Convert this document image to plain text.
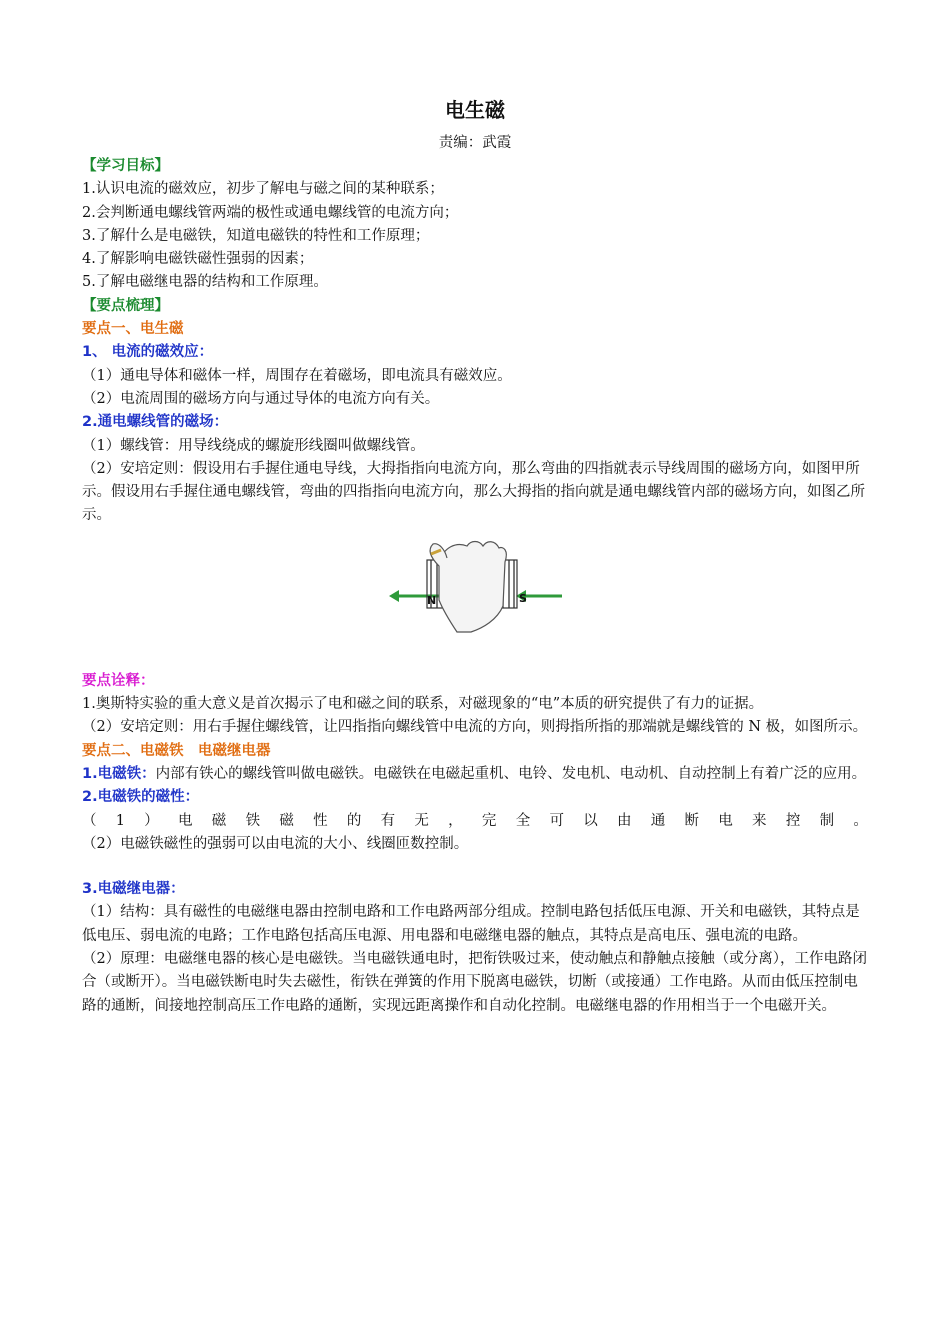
电生磁
责编：武霞
【学习目标】
1.认识电流的磁效应，初步了解电与磁之间的某种联系；
2.会判断通电螺线管两端的极性或通电螺线管的电流方向；
3.了解什么是电磁铁，知道电磁铁的特性和工作原理；
4.了解影响电磁铁磁性强弱的因素；
5.了解电磁继电器的结构和工作原理。
【要点梳理】
要点一、电生磁
1、 电流的磁效应：
（1）通电导体和磁体一样，周围存在着磁场，即电流具有磁效应。
（2）电流周围的磁场方向与通过导体的电流方向有关。
2.通电螺线管的磁场：
（1）螺线管：用导线绕成的螺旋形线圈叫做螺线管。
（2）安培定则：假设用右手握住通电导线，大拇指指向电流方向，那么弯曲的四指就表示导线周围的磁场方向，如图甲所示。假设用右手握住通电螺线管，弯曲的四指指向电流方向，那么大拇指的指向就是通电螺线管内部的磁场方向，如图乙所示。
N	S
要点诠释：
1.奥斯特实验的重大意义是首次揭示了电和磁之间的联系，对磁现象的“电”本质的研究提供了有力的证据。
（2）安培定则：用右手握住螺线管，让四指指向螺线管中电流的方向，则拇指所指的那端就是螺线管的 N 极，如图所示。
要点二、电磁铁　电磁继电器
1.电磁铁：内部有铁心的螺线管叫做电磁铁。电磁铁在电磁起重机、电铃、发电机、电动机、自动控制上有着广泛的应用。
2.电磁铁的磁性：
（ 1 ） 电 磁 铁 磁 性 的 有 无 ， 完 全 可 以 由 通 断 电 来 控 制 。
（2）电磁铁磁性的强弱可以由电流的大小、线圈匝数控制。
3.电磁继电器：
（1）结构：具有磁性的电磁继电器由控制电路和工作电路两部分组成。控制电路包括低压电源、开关和电磁铁，其特点是低电压、弱电流的电路；工作电路包括高压电源、用电器和电磁继电器的触点，其特点是高电压、强电流的电路。
（2）原理：电磁继电器的核心是电磁铁。当电磁铁通电时，把衔铁吸过来，使动触点和静触点接触（或分离），工作电路闭合（或断开）。当电磁铁断电时失去磁性，衔铁在弹簧的作用下脱离电磁铁，切断（或接通）工作电路。从而由低压控制电路的通断，间接地控制高压工作电路的通断，实现远距离操作和自动化控制。电磁继电器的作用相当于一个电磁开关。
